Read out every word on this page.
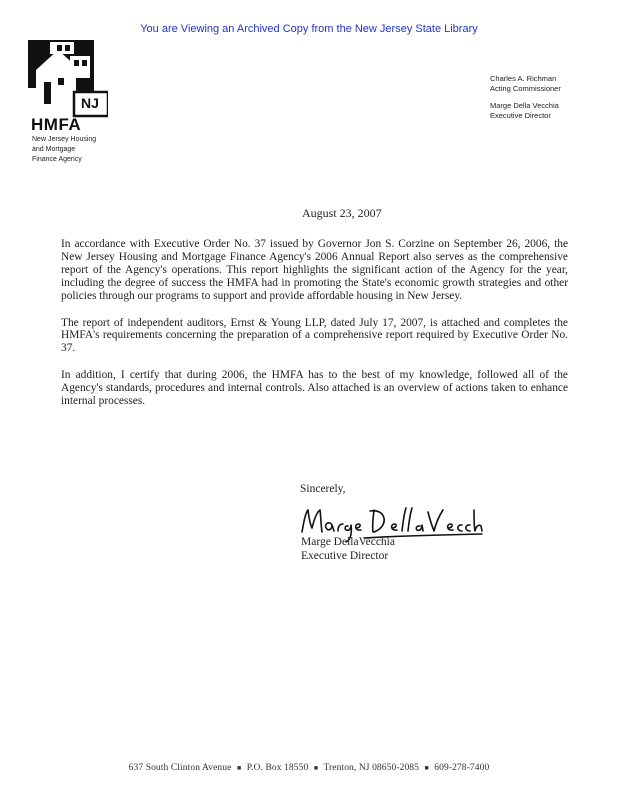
You are Viewing an Archived Copy from the New Jersey State Library
NJ
HMFA
New Jersey Housing
and Mortgage
Finance Agency
Charles A. Richman
Acting Commissioner
Marge Della Vecchia
Executive Director
August 23, 2007

In accordance with Executive Order No. 37 issued by Governor Jon S. Corzine on September 26, 2006, the New Jersey Housing and Mortgage Finance Agency's 2006 Annual Report also serves as the comprehensive report of the Agency's operations. This report highlights the significant action of the Agency for the year, including the degree of success the HMFA had in promoting the State's economic growth strategies and other policies through our programs to support and provide affordable housing in New Jersey.

The report of independent auditors, Ernst & Young LLP, dated July 17, 2007, is attached and completes the HMFA's requirements concerning the preparation of a comprehensive report required by Executive Order No. 37.

In addition, I certify that during 2006, the HMFA has to the best of my knowledge, followed all of the Agency's standards, procedures and internal controls. Also attached is an overview of actions taken to enhance internal processes.

Sincerely,
Marge DellaVecchia
Executive Director
637 South Clinton Avenue ■ P.O. Box 18550 ■ Trenton, NJ 08650-2085 ■ 609-278-7400
